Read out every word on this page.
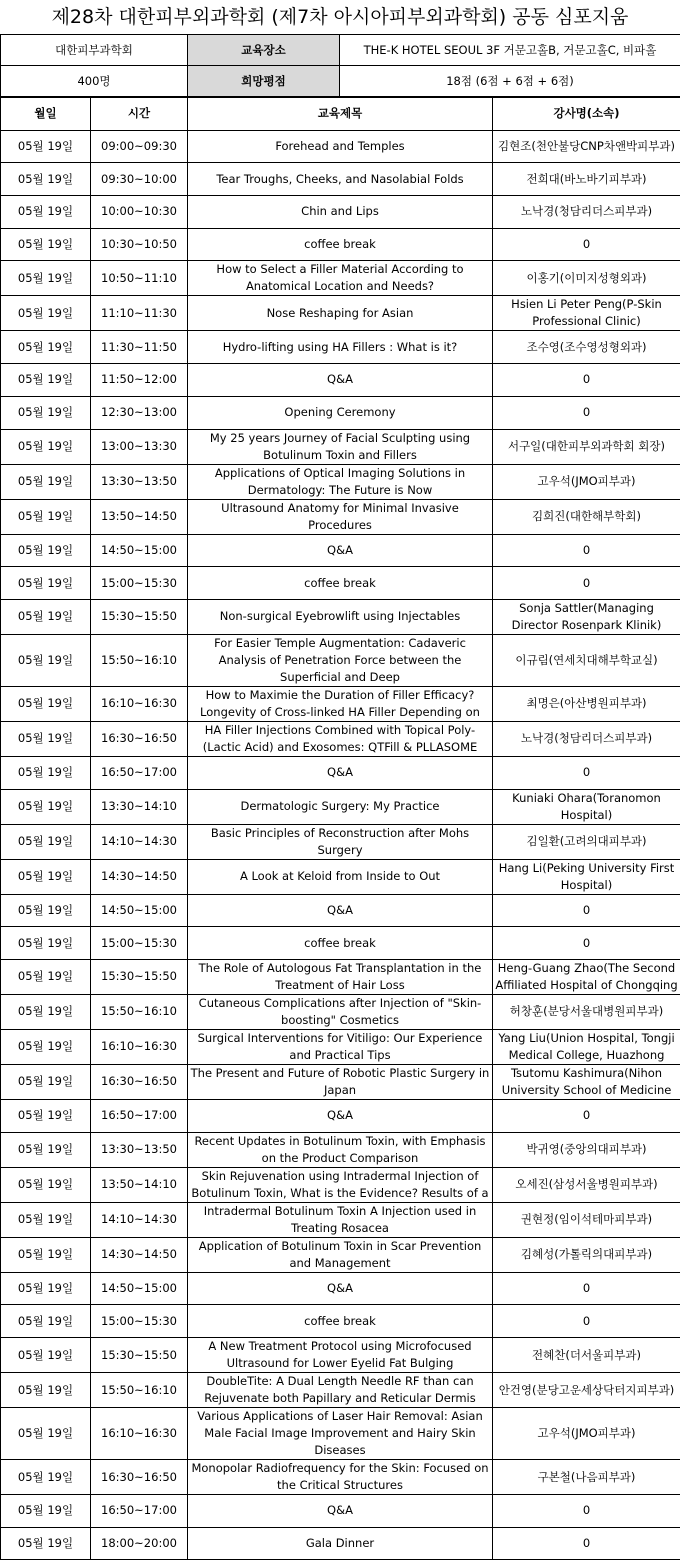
제28차 대한피부외과학회 (제7차 아시아피부외과학회) 공동 심포지움
대한피부과학회	교육장소	THE-K HOTEL SEOUL 3F 거문고홀B, 거문고홀C, 비파홀
400명	희망평점	18점 (6점 + 6점 + 6점)
월일	시간	교육제목	강사명(소속)
05월 19일	09:00~09:30	Forehead and Temples	김현조(천안불당CNP차앤박피부과)
05월 19일	09:30~10:00	Tear Troughs, Cheeks, and Nasolabial Folds	전희대(바노바기피부과)
05월 19일	10:00~10:30	Chin and Lips	노낙경(청담리더스피부과)
05월 19일	10:30~10:50	coffee break	0
05월 19일	10:50~11:10	How to Select a Filler Material According to Anatomical Location and Needs?	이홍기(이미지성형외과)
05월 19일	11:10~11:30	Nose Reshaping for Asian	Hsien Li Peter Peng(P-Skin Professional Clinic)
05월 19일	11:30~11:50	Hydro-lifting using HA Fillers : What is it?	조수영(조수영성형외과)
05월 19일	11:50~12:00	Q&A	0
05월 19일	12:30~13:00	Opening Ceremony	0
05월 19일	13:00~13:30	My 25 years Journey of Facial Sculpting using Botulinum Toxin and Fillers	서구일(대한피부외과학회 회장)
05월 19일	13:30~13:50	Applications of Optical Imaging Solutions in Dermatology: The Future is Now	고우석(JMO피부과)
05월 19일	13:50~14:50	Ultrasound Anatomy for Minimal Invasive Procedures	김희진(대한해부학회)
05월 19일	14:50~15:00	Q&A	0
05월 19일	15:00~15:30	coffee break	0
05월 19일	15:30~15:50	Non-surgical Eyebrowlift using Injectables	Sonja Sattler(Managing Director Rosenpark Klinik)
05월 19일	15:50~16:10	For Easier Temple Augmentation: Cadaveric Analysis of Penetration Force between the Superficial and Deep	이규림(연세치대해부학교실)
05월 19일	16:10~16:30	How to Maximie the Duration of Filler Efficacy? Longevity of Cross-linked HA Filler Depending on	최명은(아산병원피부과)
05월 19일	16:30~16:50	HA Filler Injections Combined with Topical Poly-(Lactic Acid) and Exosomes: QTFill & PLLASOME	노낙경(청담리더스피부과)
05월 19일	16:50~17:00	Q&A	0
05월 19일	13:30~14:10	Dermatologic Surgery: My Practice	Kuniaki Ohara(Toranomon Hospital)
05월 19일	14:10~14:30	Basic Principles of Reconstruction after Mohs Surgery	김일환(고려의대피부과)
05월 19일	14:30~14:50	A Look at Keloid from Inside to Out	Hang Li(Peking University First Hospital)
05월 19일	14:50~15:00	Q&A	0
05월 19일	15:00~15:30	coffee break	0
05월 19일	15:30~15:50	The Role of Autologous Fat Transplantation in the Treatment of Hair Loss	Heng-Guang Zhao(The Second Affiliated Hospital of Chongqing
05월 19일	15:50~16:10	Cutaneous Complications after Injection of "Skin-boosting" Cosmetics	허창훈(분당서울대병원피부과)
05월 19일	16:10~16:30	Surgical Interventions for Vitiligo: Our Experience and Practical Tips	Yang Liu(Union Hospital, Tongji Medical College, Huazhong
05월 19일	16:30~16:50	The Present and Future of Robotic Plastic Surgery in Japan	Tsutomu Kashimura(Nihon University School of Medicine
05월 19일	16:50~17:00	Q&A	0
05월 19일	13:30~13:50	Recent Updates in Botulinum Toxin, with Emphasis on the Product Comparison	박귀영(중앙의대피부과)
05월 19일	13:50~14:10	Skin Rejuvenation using Intradermal Injection of Botulinum Toxin, What is the Evidence? Results of a	오세진(삼성서울병원피부과)
05월 19일	14:10~14:30	Intradermal Botulinum Toxin A Injection used in Treating Rosacea	권현정(임이석테마피부과)
05월 19일	14:30~14:50	Application of Botulinum Toxin in Scar Prevention and Management	김혜성(가톨릭의대피부과)
05월 19일	14:50~15:00	Q&A	0
05월 19일	15:00~15:30	coffee break	0
05월 19일	15:30~15:50	A New Treatment Protocol using Microfocused Ultrasound for Lower Eyelid Fat Bulging	전혜찬(더서울피부과)
05월 19일	15:50~16:10	DoubleTite: A Dual Length Needle RF than can Rejuvenate both Papillary and Reticular Dermis	안건영(분당고운세상닥터지피부과)
05월 19일	16:10~16:30	Various Applications of Laser Hair Removal: Asian Male Facial Image Improvement and Hairy Skin Diseases	고우석(JMO피부과)
05월 19일	16:30~16:50	Monopolar Radiofrequency for the Skin: Focused on the Critical Structures	구본철(나음피부과)
05월 19일	16:50~17:00	Q&A	0
05월 19일	18:00~20:00	Gala Dinner	0
